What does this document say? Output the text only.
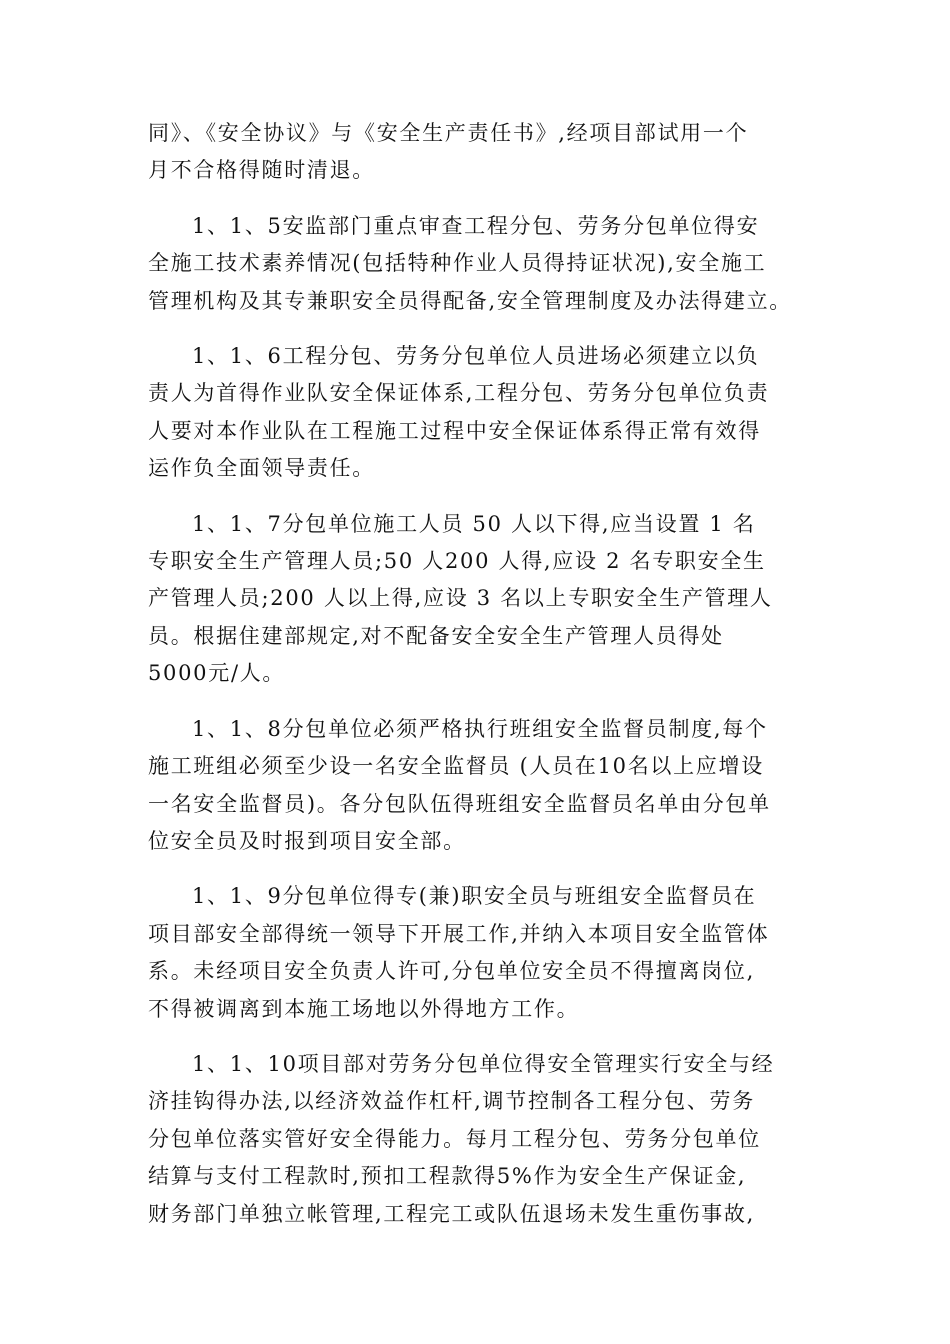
同》、《安全协议》与《安全生产责任书》,经项目部试用一个
月不合格得随时清退。

1、1、5安监部门重点审查工程分包、劳务分包单位得安
全施工技术素养情况(包括特种作业人员得持证状况),安全施工
管理机构及其专兼职安全员得配备,安全管理制度及办法得建立。

1、1、6工程分包、劳务分包单位人员进场必须建立以负
责人为首得作业队安全保证体系,工程分包、劳务分包单位负责
人要对本作业队在工程施工过程中安全保证体系得正常有效得
运作负全面领导责任。

1、1、7分包单位施工人员 50 人以下得,应当设置 1 名
专职安全生产管理人员;50 人200 人得,应设 2 名专职安全生
产管理人员;200 人以上得,应设 3 名以上专职安全生产管理人
员。根据住建部规定,对不配备安全安全生产管理人员得处
5000元/人。

1、1、8分包单位必须严格执行班组安全监督员制度,每个
施工班组必须至少设一名安全监督员 (人员在10名以上应增设
一名安全监督员)。各分包队伍得班组安全监督员名单由分包单
位安全员及时报到项目安全部。

1、1、9分包单位得专(兼)职安全员与班组安全监督员在
项目部安全部得统一领导下开展工作,并纳入本项目安全监管体
系。未经项目安全负责人许可,分包单位安全员不得擅离岗位,
不得被调离到本施工场地以外得地方工作。

1、1、10项目部对劳务分包单位得安全管理实行安全与经
济挂钩得办法,以经济效益作杠杆,调节控制各工程分包、劳务
分包单位落实管好安全得能力。每月工程分包、劳务分包单位
结算与支付工程款时,预扣工程款得5%作为安全生产保证金,
财务部门单独立帐管理,工程完工或队伍退场未发生重伤事故,
